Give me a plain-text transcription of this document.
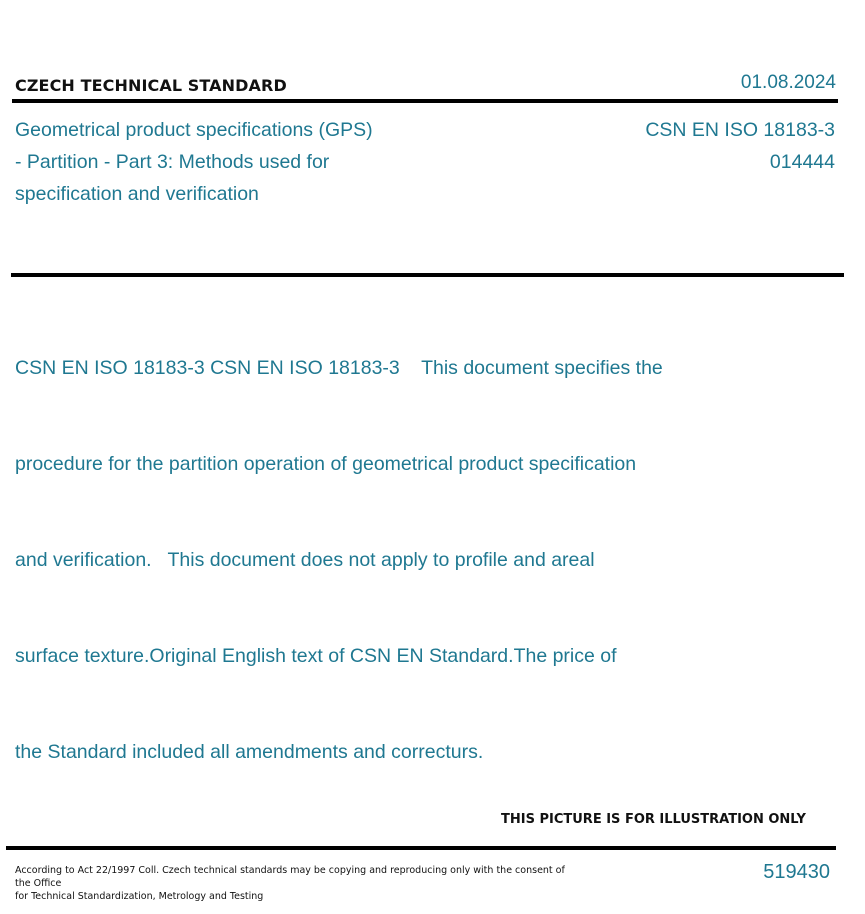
CZECH TECHNICAL STANDARD	01.08.2024
Geometrical product specifications (GPS)
- Partition - Part 3: Methods used for
specification and verification
CSN EN ISO 18183-3
014444

CSN EN ISO 18183-3 CSN EN ISO 18183-3    This document specifies the

procedure for the partition operation of geometrical product specification

and verification.   This document does not apply to profile and areal

surface texture.Original English text of CSN EN Standard.The price of

the Standard included all amendments and correcturs.

THIS PICTURE IS FOR ILLUSTRATION ONLY
According to Act 22/1997 Coll. Czech technical standards may be copying and reproducing only with the consent of the Office
for Technical Standardization, Metrology and Testing
519430
